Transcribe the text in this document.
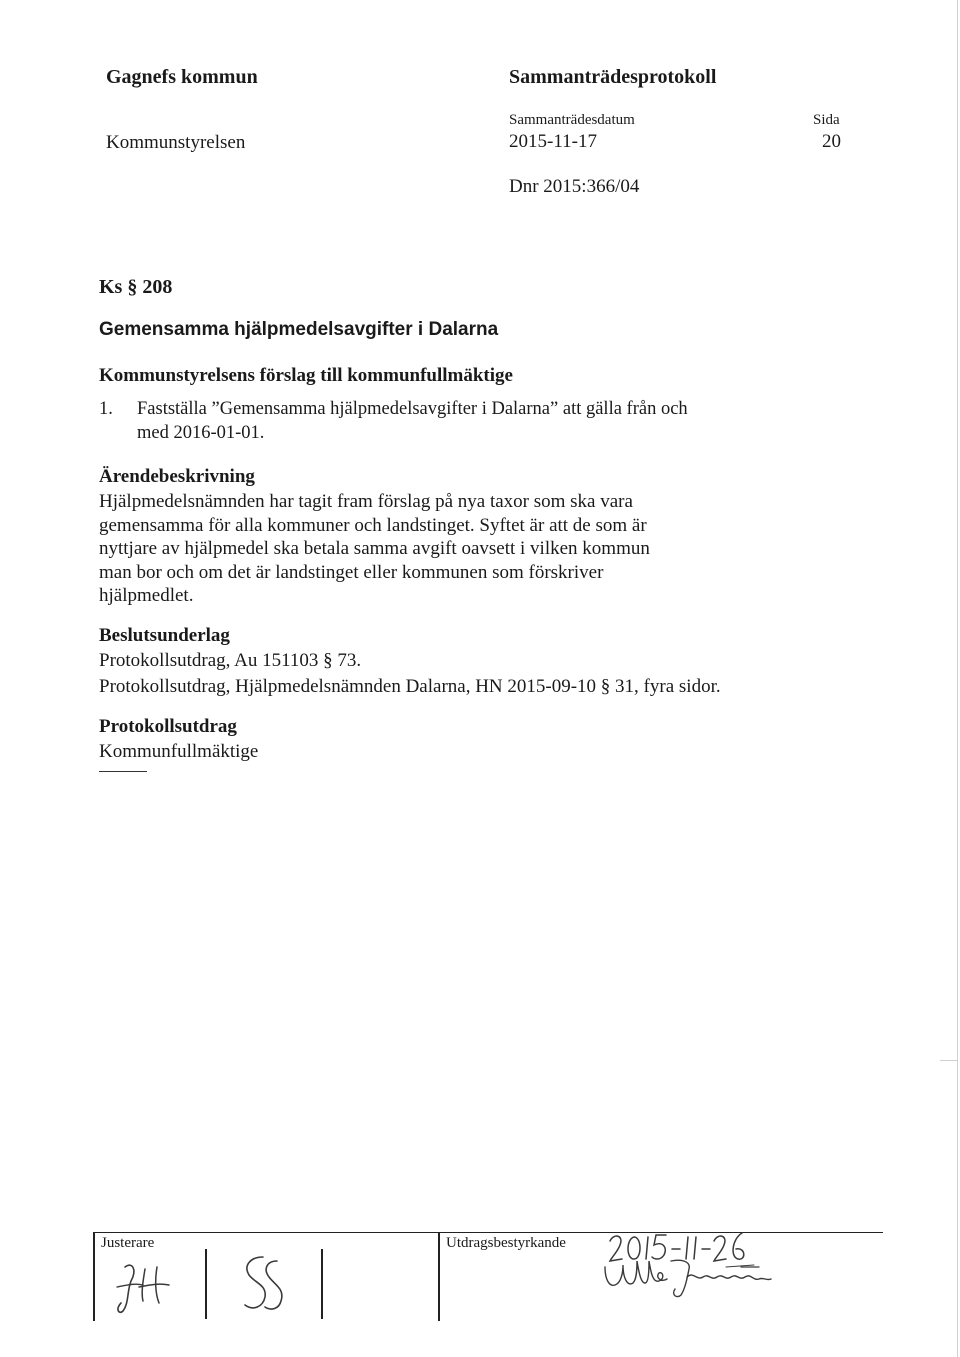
Gagnefs kommun	Sammanträdesprotokoll
Kommunstyrelsen
Sammanträdesdatum
2015-11-17
Sida
20
Dnr 2015:366/04
Ks § 208
Gemensamma hjälpmedelsavgifter i Dalarna
Kommunstyrelsens förslag till kommunfullmäktige
1. Fastställa ”Gemensamma hjälpmedelsavgifter i Dalarna” att gälla från och
med 2016-01-01.
Ärendebeskrivning
Hjälpmedelsnämnden har tagit fram förslag på nya taxor som ska vara
gemensamma för alla kommuner och landstinget. Syftet är att de som är
nyttjare av hjälpmedel ska betala samma avgift oavsett i vilken kommun
man bor och om det är landstinget eller kommunen som förskriver
hjälpmedlet.
Beslutsunderlag
Protokollsutdrag, Au 151103 § 73.
Protokollsutdrag, Hjälpmedelsnämnden Dalarna, HN 2015-09-10 § 31, fyra sidor.
Protokollsutdrag
Kommunfullmäktige
Justerare	Utdragsbestyrkande
